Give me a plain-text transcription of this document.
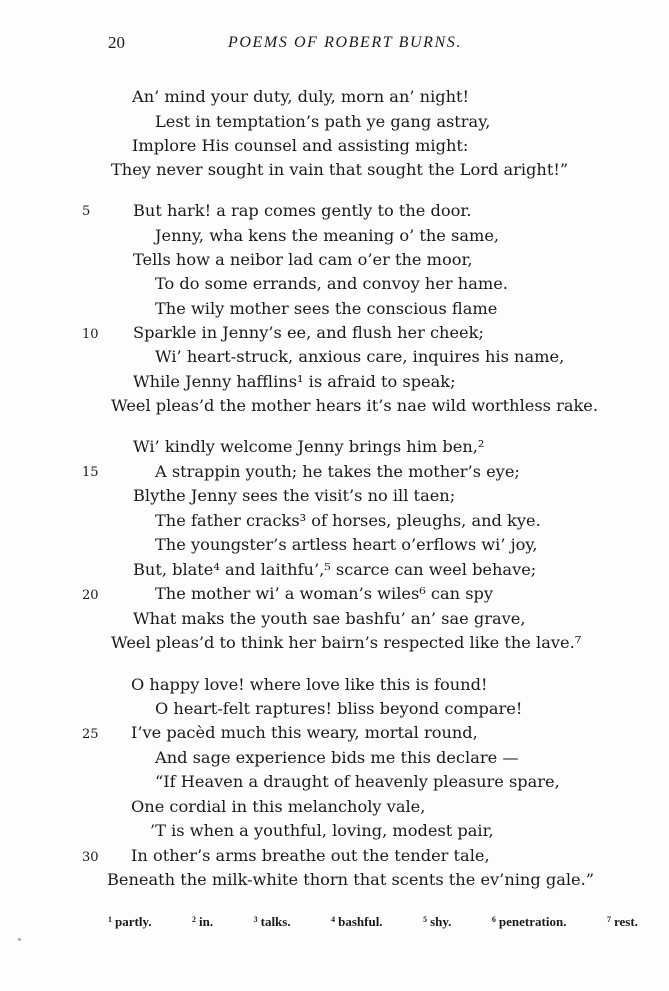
20	POEMS OF ROBERT BURNS.
An’ mind your duty, duly, morn an’ night!
Lest in temptation’s path ye gang astray,
Implore His counsel and assisting might:
They never sought in vain that sought the Lord aright!”
5	But hark! a rap comes gently to the door.
Jenny, wha kens the meaning o’ the same,
Tells how a neibor lad cam o’er the moor,
To do some errands, and convoy her hame.
The wily mother sees the conscious flame
10 Sparkle in Jenny’s ee, and flush her cheek;
Wi’ heart-struck, anxious care, inquires his name,
While Jenny hafflins¹ is afraid to speak;
Weel pleas’d the mother hears it’s nae wild worthless rake.
Wi’ kindly welcome Jenny brings him ben,²
15	A strappin youth; he takes the mother’s eye;
Blythe Jenny sees the visit’s no ill taen;
The father cracks³ of horses, pleughs, and kye.
The youngster’s artless heart o’erflows wi’ joy,
But, blate⁴ and laithfu’,⁵ scarce can weel behave;
20	The mother wi’ a woman’s wiles⁶ can spy
What maks the youth sae bashfu’ an’ sae grave,
Weel pleas’d to think her bairn’s respected like the lave.⁷
O happy love! where love like this is found!
O heart-felt raptures! bliss beyond compare!
25 I’ve pacèd much this weary, mortal round,
And sage experience bids me this declare —
“If Heaven a draught of heavenly pleasure spare,
One cordial in this melancholy vale,
’T is when a youthful, loving, modest pair,
30 In other’s arms breathe out the tender tale,
Beneath the milk-white thorn that scents the ev’ning gale.”
$^1$ partly.	$^2$ in.	$^3$ talks.	$^4$ bashful.	$^5$ shy.	$^6$ penetration.	$^7$ rest.
